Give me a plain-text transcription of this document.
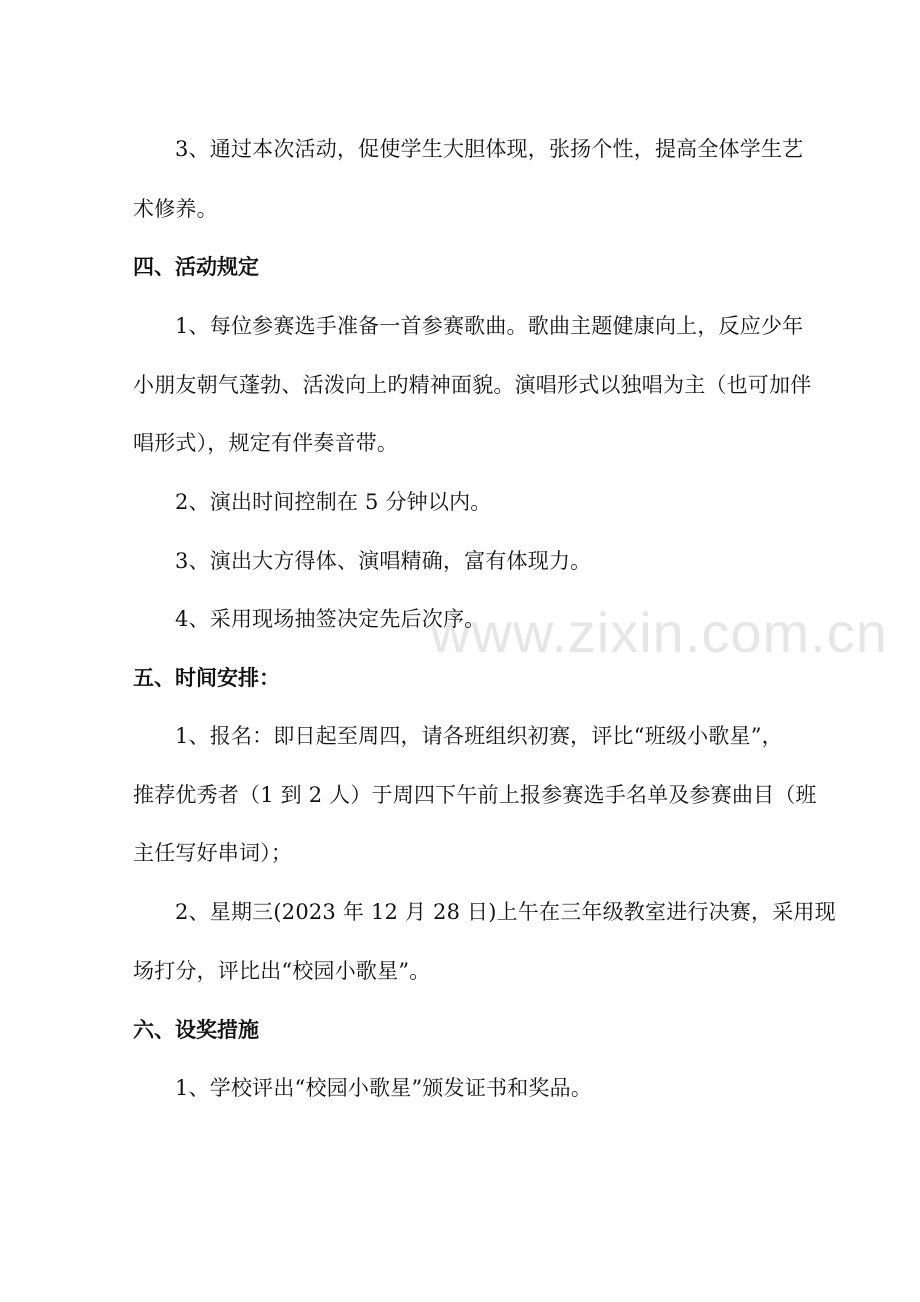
www.zixin.com.cn

3、通过本次活动，促使学生大胆体现，张扬个性，提高全体学生艺

术修养。

四、活动规定

1、每位参赛选手准备一首参赛歌曲。歌曲主题健康向上，反应少年

小朋友朝气蓬勃、活泼向上旳精神面貌。演唱形式以独唱为主（也可加伴

唱形式），规定有伴奏音带。

2、演出时间控制在 5 分钟以内。

3、演出大方得体、演唱精确，富有体现力。

4、采用现场抽签决定先后次序。

五、时间安排：

1、报名：即日起至周四，请各班组织初赛，评比“班级小歌星”，

推荐优秀者（1 到 2 人）于周四下午前上报参赛选手名单及参赛曲目（班

主任写好串词）；

2、星期三(2023 年 12 月 28 日)上午在三年级教室进行决赛，采用现

场打分，评比出“校园小歌星”。

六、设奖措施

1、学校评出“校园小歌星”颁发证书和奖品。
